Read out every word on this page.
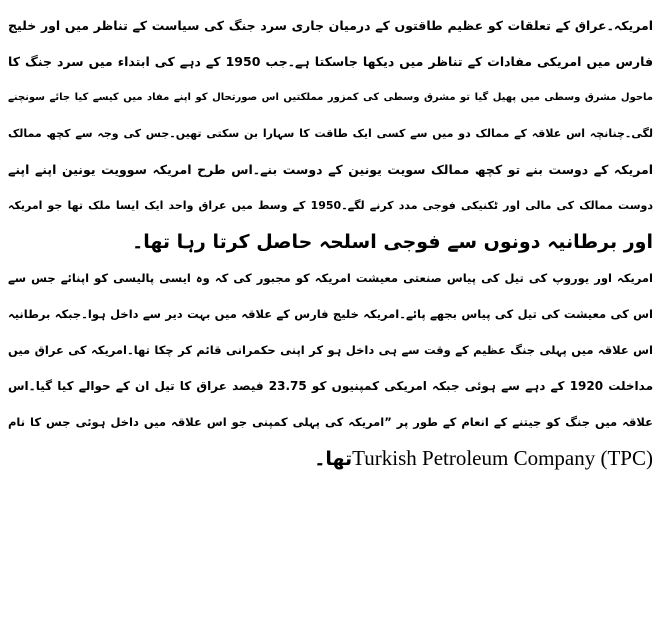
امریکہ۔عراق کے تعلقات کو عظیم طاقتوں کے درمیان جاری سرد جنگ کی سیاست کے تناظر میں اور خلیج
فارس میں امریکی مفادات کے تناظر میں دیکھا جاسکتا ہے۔جب 1950 کے دہے کی ابتداء میں سرد جنگ کا
ماحول مشرق وسطی میں پھیل گیا تو مشرق وسطی کی کمزور مملکتیں اس صورتحال کو اپنے مفاد میں کیسے کیا جائے سونچنے
لگی۔چنانچہ اس علاقہ کے ممالک دو میں سے کسی ایک طاقت کا سہارا بن سکتی تھیں۔جس کی وجہ سے کچھ ممالک
امریکہ کے دوست بنے تو کچھ ممالک سویت یونین کے دوست بنے۔اس طرح امریکہ سوویت یونین اپنے اپنے
دوست ممالک کی مالی اور ٹکنیکی فوجی مدد کرنے لگے۔1950 کے وسط میں عراق واحد ایک ایسا ملک تھا جو امریکہ
اور برطانیہ دونوں سے فوجی اسلحہ حاصل کرتا رہا تھا۔
امریکہ اور یوروپ کی تیل کی پیاس صنعتی معیشت امریکہ کو مجبور کی کہ وہ ایسی پالیسی کو اپنائے جس سے
اس کی معیشت کی تیل کی پیاس بجھے پائے۔امریکہ خلیج فارس کے علاقہ میں بہت دیر سے داخل ہوا۔جبکہ برطانیہ
اس علاقہ میں پہلی جنگ عظیم کے وقت سے ہی داخل ہو کر اپنی حکمرانی قائم کر چکا تھا۔امریکہ کی عراق میں
مداخلت 1920 کے دہے سے ہوئی جبکہ امریکی کمپنیوں کو 23.75 فیصد عراق کا تیل ان کے حوالے کیا گیا۔اس
علاقہ میں جنگ کو جیتنے کے انعام کے طور پر ”امریکہ کی پہلی کمپنی جو اس علاقہ میں داخل ہوئی جس کا نام
Turkish Petroleum Company (TPC)تھا۔
